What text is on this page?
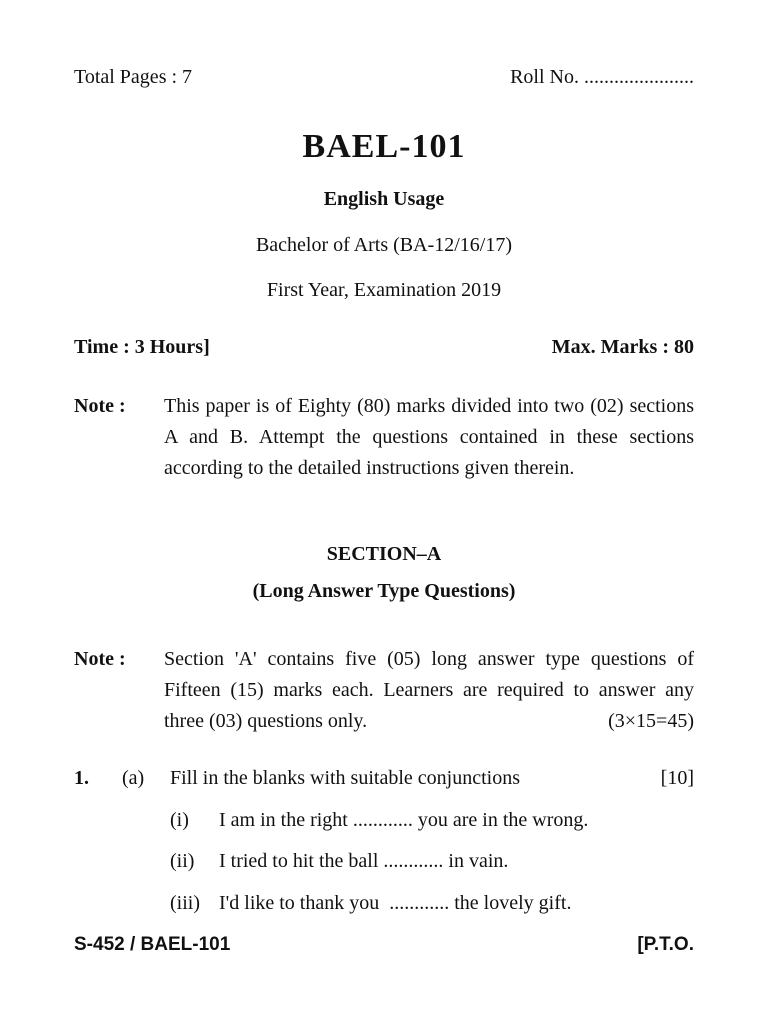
Total Pages : 7	Roll No. ......................
BAEL-101
English Usage
Bachelor of Arts (BA-12/16/17)
First Year, Examination 2019
Time : 3 Hours]	Max. Marks : 80
Note :	This paper is of Eighty (80) marks divided into two (02) sections A and B. Attempt the questions contained in these sections according to the detailed instructions given therein.
SECTION–A
(Long Answer Type Questions)
Note :	Section 'A' contains five (05) long answer type questions of Fifteen (15) marks each. Learners are required to answer any three (03) questions only.	(3×15=45)
1. (a) Fill in the blanks with suitable conjunctions	[10]
(i) I am in the right ............ you are in the wrong.
(ii) I tried to hit the ball ............ in vain.
(iii) I'd like to thank you  ............ the lovely gift.
S-452 / BAEL-101	[P.T.O.
